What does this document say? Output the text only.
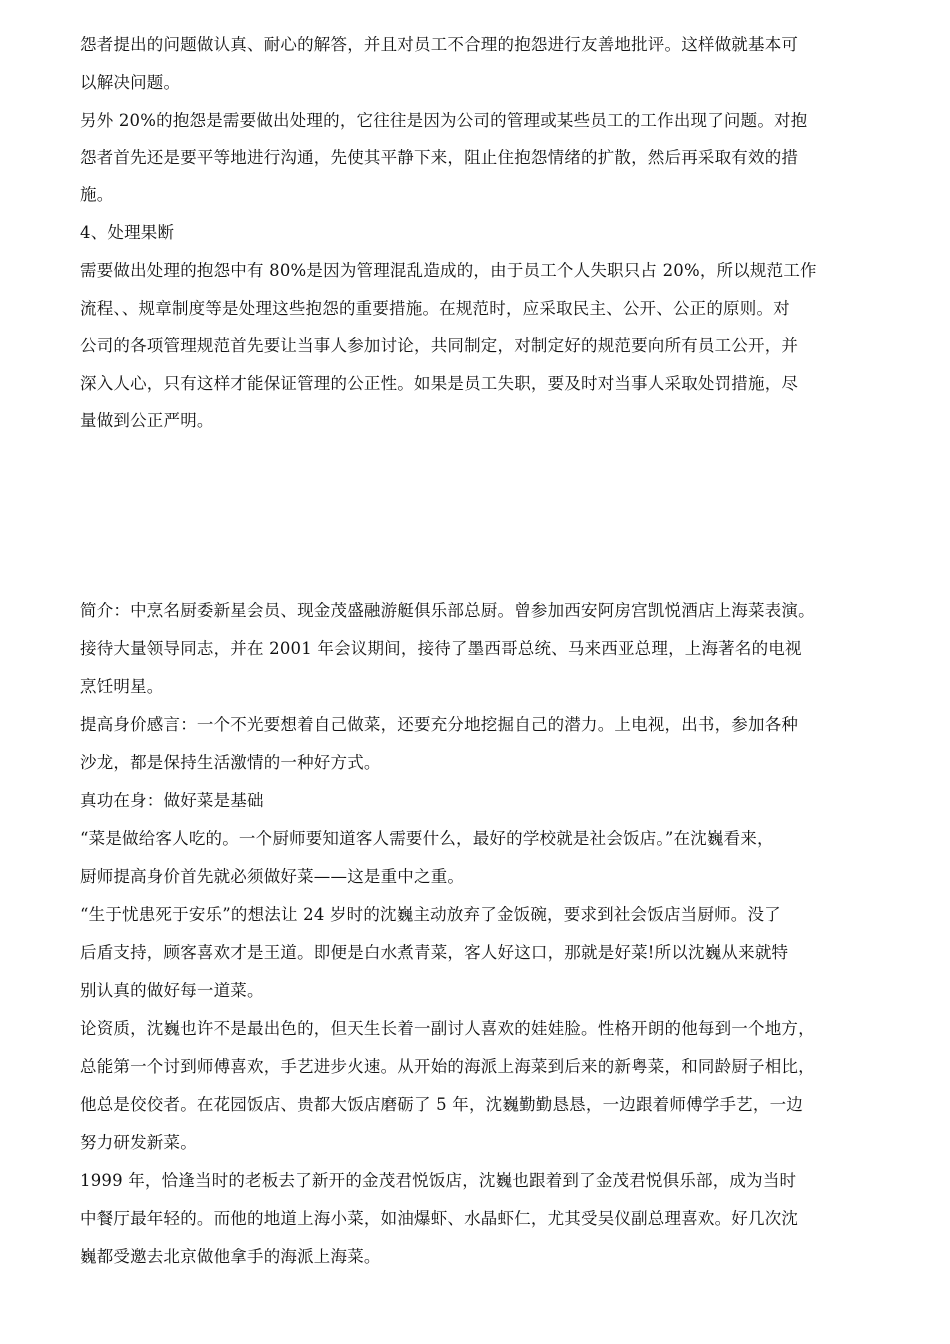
怨者提出的问题做认真、耐心的解答，并且对员工不合理的抱怨进行友善地批评。这样做就基本可
以解决问题。
另外 20%的抱怨是需要做出处理的，它往往是因为公司的管理或某些员工的工作出现了问题。对抱
怨者首先还是要平等地进行沟通，先使其平静下来，阻止住抱怨情绪的扩散，然后再采取有效的措
施。
4、处理果断
需要做出处理的抱怨中有 80%是因为管理混乱造成的，由于员工个人失职只占 20%，所以规范工作
流程、、规章制度等是处理这些抱怨的重要措施。在规范时，应采取民主、公开、公正的原则。对
公司的各项管理规范首先要让当事人参加讨论，共同制定，对制定好的规范要向所有员工公开，并
深入人心，只有这样才能保证管理的公正性。如果是员工失职，要及时对当事人采取处罚措施，尽
量做到公正严明。
简介：中烹名厨委新星会员、现金茂盛融游艇俱乐部总厨。曾参加西安阿房宫凯悦酒店上海菜表演。
接待大量领导同志，并在 2001 年会议期间，接待了墨西哥总统、马来西亚总理，上海著名的电视
烹饪明星。
提高身价感言：一个不光要想着自己做菜，还要充分地挖掘自己的潜力。上电视，出书，参加各种
沙龙，都是保持生活激情的一种好方式。
真功在身：做好菜是基础
“菜是做给客人吃的。一个厨师要知道客人需要什么，最好的学校就是社会饭店。”在沈巍看来，
厨师提高身价首先就必须做好菜——这是重中之重。
“生于忧患死于安乐”的想法让 24 岁时的沈巍主动放弃了金饭碗，要求到社会饭店当厨师。没了
后盾支持，顾客喜欢才是王道。即便是白水煮青菜，客人好这口，那就是好菜!所以沈巍从来就特
别认真的做好每一道菜。
论资质，沈巍也许不是最出色的，但天生长着一副讨人喜欢的娃娃脸。性格开朗的他每到一个地方，
总能第一个讨到师傅喜欢，手艺进步火速。从开始的海派上海菜到后来的新粤菜，和同龄厨子相比，
他总是佼佼者。在花园饭店、贵都大饭店磨砺了 5 年，沈巍勤勤恳恳，一边跟着师傅学手艺，一边
努力研发新菜。
1999 年，恰逢当时的老板去了新开的金茂君悦饭店，沈巍也跟着到了金茂君悦俱乐部，成为当时
中餐厅最年轻的。而他的地道上海小菜，如油爆虾、水晶虾仁，尤其受吴仪副总理喜欢。好几次沈
巍都受邀去北京做他拿手的海派上海菜。
